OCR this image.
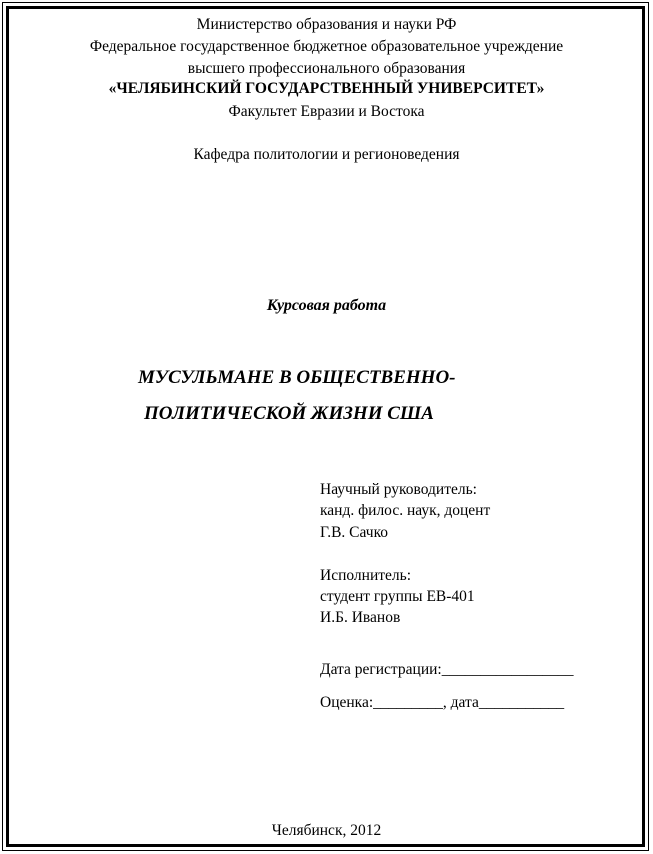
Министерство образования и науки РФ
Федеральное государственное бюджетное образовательное учреждение
высшего профессионального образования
«ЧЕЛЯБИНСКИЙ ГОСУДАРСТВЕННЫЙ УНИВЕРСИТЕТ»
Факультет Евразии и Востока
Кафедра политологии и регионоведения
Курсовая работа
МУСУЛЬМАНЕ В ОБЩЕСТВЕННО-
ПОЛИТИЧЕСКОЙ ЖИЗНИ США
Научный руководитель:
канд. филос. наук, доцент
Г.В. Сачко
Исполнитель:
студент группы ЕВ-401
И.Б. Иванов
Дата регистрации:_________________
Оценка:_________, дата___________
Челябинск, 2012
